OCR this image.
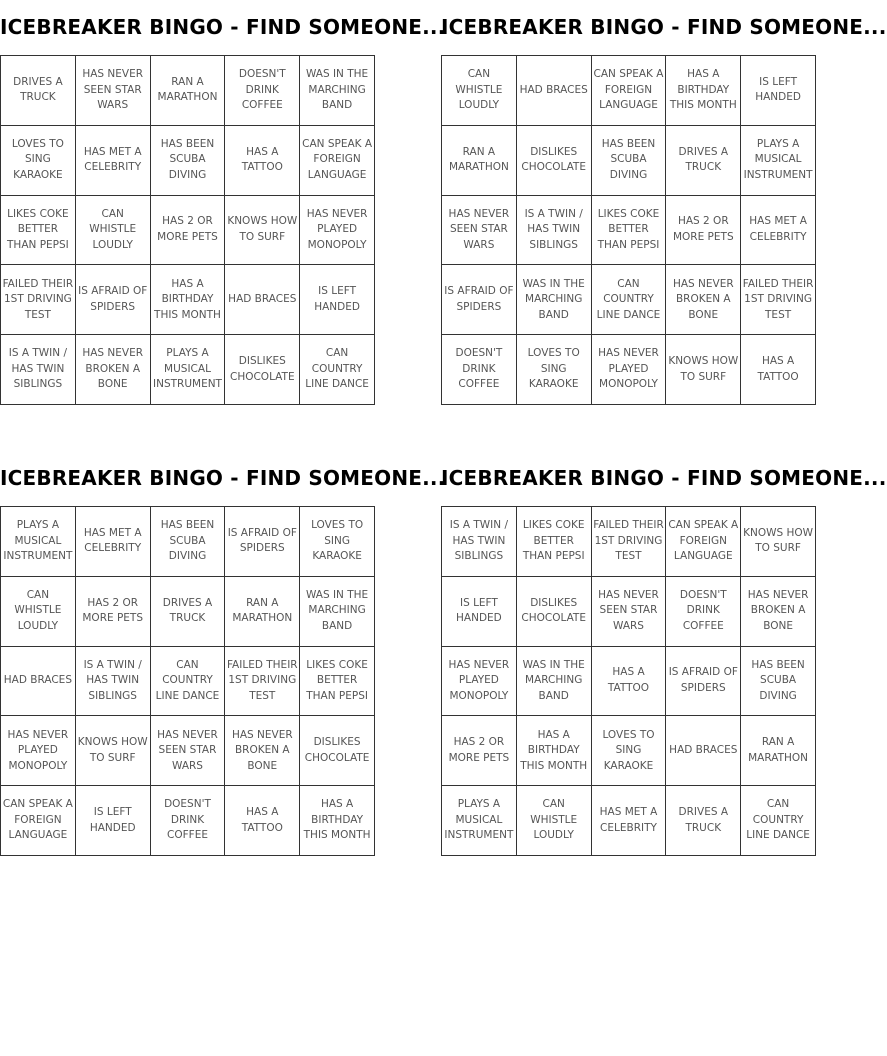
ICEBREAKER BINGO - FIND SOMEONE...
DRIVES A TRUCK
HAS NEVER SEEN STAR WARS
RAN A MARATHON
DOESN'T DRINK COFFEE
WAS IN THE MARCHING BAND
LOVES TO SING KARAOKE
HAS MET A CELEBRITY
HAS BEEN SCUBA DIVING
HAS A TATTOO
CAN SPEAK A FOREIGN LANGUAGE
LIKES COKE BETTER THAN PEPSI
CAN WHISTLE LOUDLY
HAS 2 OR MORE PETS
KNOWS HOW TO SURF
HAS NEVER PLAYED MONOPOLY
FAILED THEIR 1ST DRIVING TEST
IS AFRAID OF SPIDERS
HAS A BIRTHDAY THIS MONTH
HAD BRACES
IS LEFT HANDED
IS A TWIN / HAS TWIN SIBLINGS
HAS NEVER BROKEN A BONE
PLAYS A MUSICAL INSTRUMENT
DISLIKES CHOCOLATE
CAN COUNTRY LINE DANCE
ICEBREAKER BINGO - FIND SOMEONE...
CAN WHISTLE LOUDLY
HAD BRACES
CAN SPEAK A FOREIGN LANGUAGE
HAS A BIRTHDAY THIS MONTH
IS LEFT HANDED
RAN A MARATHON
DISLIKES CHOCOLATE
HAS BEEN SCUBA DIVING
DRIVES A TRUCK
PLAYS A MUSICAL INSTRUMENT
HAS NEVER SEEN STAR WARS
IS A TWIN / HAS TWIN SIBLINGS
LIKES COKE BETTER THAN PEPSI
HAS 2 OR MORE PETS
HAS MET A CELEBRITY
IS AFRAID OF SPIDERS
WAS IN THE MARCHING BAND
CAN COUNTRY LINE DANCE
HAS NEVER BROKEN A BONE
FAILED THEIR 1ST DRIVING TEST
DOESN'T DRINK COFFEE
LOVES TO SING KARAOKE
HAS NEVER PLAYED MONOPOLY
KNOWS HOW TO SURF
HAS A TATTOO
ICEBREAKER BINGO - FIND SOMEONE...
PLAYS A MUSICAL INSTRUMENT
HAS MET A CELEBRITY
HAS BEEN SCUBA DIVING
IS AFRAID OF SPIDERS
LOVES TO SING KARAOKE
CAN WHISTLE LOUDLY
HAS 2 OR MORE PETS
DRIVES A TRUCK
RAN A MARATHON
WAS IN THE MARCHING BAND
HAD BRACES
IS A TWIN / HAS TWIN SIBLINGS
CAN COUNTRY LINE DANCE
FAILED THEIR 1ST DRIVING TEST
LIKES COKE BETTER THAN PEPSI
HAS NEVER PLAYED MONOPOLY
KNOWS HOW TO SURF
HAS NEVER SEEN STAR WARS
HAS NEVER BROKEN A BONE
DISLIKES CHOCOLATE
CAN SPEAK A FOREIGN LANGUAGE
IS LEFT HANDED
DOESN'T DRINK COFFEE
HAS A TATTOO
HAS A BIRTHDAY THIS MONTH
ICEBREAKER BINGO - FIND SOMEONE...
IS A TWIN / HAS TWIN SIBLINGS
LIKES COKE BETTER THAN PEPSI
FAILED THEIR 1ST DRIVING TEST
CAN SPEAK A FOREIGN LANGUAGE
KNOWS HOW TO SURF
IS LEFT HANDED
DISLIKES CHOCOLATE
HAS NEVER SEEN STAR WARS
DOESN'T DRINK COFFEE
HAS NEVER BROKEN A BONE
HAS NEVER PLAYED MONOPOLY
WAS IN THE MARCHING BAND
HAS A TATTOO
IS AFRAID OF SPIDERS
HAS BEEN SCUBA DIVING
HAS 2 OR MORE PETS
HAS A BIRTHDAY THIS MONTH
LOVES TO SING KARAOKE
HAD BRACES
RAN A MARATHON
PLAYS A MUSICAL INSTRUMENT
CAN WHISTLE LOUDLY
HAS MET A CELEBRITY
DRIVES A TRUCK
CAN COUNTRY LINE DANCE
